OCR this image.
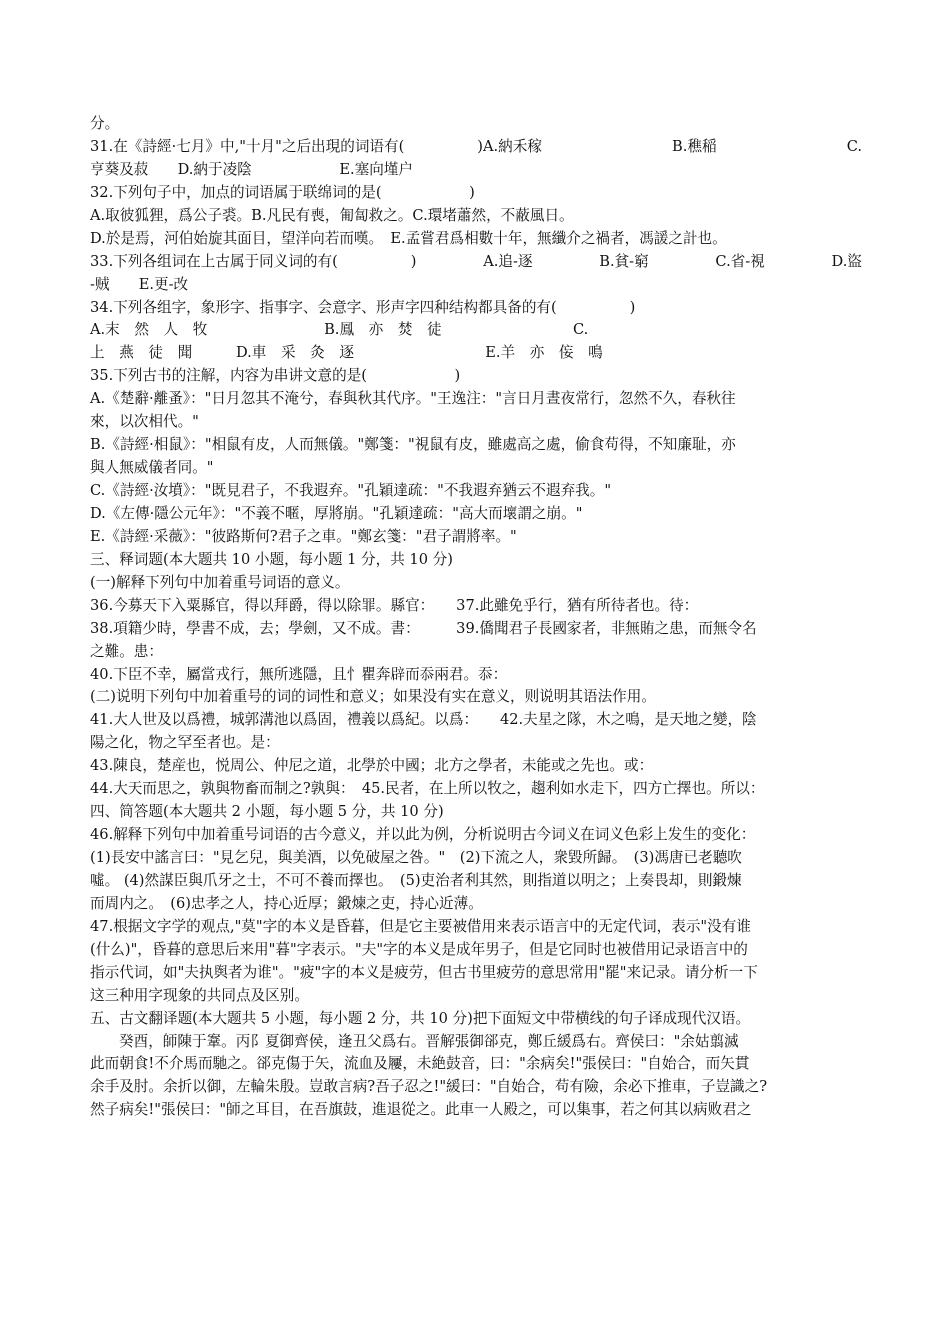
分。
31.在《詩經·七月》中,"十月"之后出現的词语有(　　　　　)A.納禾稼	B.穛稲	C.
亨葵及菽　　D.納于凌陰　　　　　　E.塞向墐户
32.下列句子中，加点的词语属于联绵词的是(　　　　　　)
A.取彼狐狸，爲公子裘。B.凡民有喪，匍匐救之。C.環堵蕭然，不蔽風日。
D.於是焉，河伯始旋其面目，望洋向若而嘆。　E.孟嘗君爲相數十年，無纖介之禍者，馮諼之計也。
33.下列各组词在上古属于同义词的有(　　　　　)	A.追-逐	B.貧-窮	C.省-視	D.盜
-贼　　E.更-改
34.下列各组字，象形字、指事字、会意字、形声字四种结构都具备的有(　　　　　)
A.末　然　人　牧　　　　　　　　B.鳳　亦　焚　徒　　　　　　　　　C.
上　燕　徒　聞　　　D.車　采　灸　逐　　　　　　　　　E.羊　亦　侫　鳴
35.下列古书的注解，内容为串讲文意的是(　　　　　　)
A.《楚辭·離蚤》："日月忽其不淹兮，春與秋其代序。"王逸注："言日月晝夜常行，忽然不久，春秋往
來，以次相代。"
B.《詩經·相鼠》："相鼠有皮，人而無儀。"鄭箋："視鼠有皮，雖處高之處，偷食苟得，不知廉耻，亦
與人無威儀者同。"
C.《詩經·汝墳》："既見君子，不我遐弃。"孔穎達疏："不我遐弃猶云不遐弃我。"
D.《左傳·隱公元年》："不義不暱，厚將崩。"孔穎達疏："高大而壞謂之崩。"
E.《詩經·采薇》："彼路斯何?君子之車。"鄭玄箋："君子謂將率。"
三、释词题(本大题共 10 小题，每小题 1 分，共 10 分)
(一)解释下列句中加着重号词语的意义。
36.今募天下入粟縣官，得以拜爵，得以除罪。縣官：　　37.此雖免乎行，猶有所待者也。待：
38.項籍少時，學書不成，去；學劍，又不成。書：　　　39.僑聞君子長國家者，非無賄之患，而無令名
之難。患：
40.下臣不幸，屬當戎行，無所逃隱，且忄瞿奔辟而忝兩君。忝：
(二)说明下列句中加着重号的词的词性和意义；如果没有实在意义，则说明其语法作用。
41.大人世及以爲禮，城郭溝池以爲固，禮義以爲紀。以爲：　　42.夫星之隊，木之鳴，是天地之變，陰
陽之化，物之罕至者也。是：
43.陳良，楚産也，悦周公、仲尼之道，北學於中國；北方之學者，未能或之先也。或：
44.大天而思之，孰與物畜而制之?孰與：　45.民者，在上所以牧之，趨利如水走下，四方亡擇也。所以：
四、简答题(本大题共 2 小题，每小题 5 分，共 10 分)
46.解释下列句中加着重号词语的古今意义，并以此为例，分析说明古今词义在词义色彩上发生的变化：
(1)長安中謠言曰："見乞兒，與美酒，以免破屋之咎。"　(2)下流之人，衆毀所歸。　(3)馮唐已老聽吹
噓。 (4)然謀臣與爪牙之士，不可不養而擇也。　(5)吏治者利其然，則指道以明之；上奏畏却，則鍛煉
而周内之。　(6)忠孝之人，持心近厚；鍛煉之吏，持心近薄。
47.根据文字学的观点,"莫"字的本义是昏暮，但是它主要被借用来表示语言中的无定代词，表示"没有谁
(什么)"，昏暮的意思后来用"暮"字表示。"夫"字的本义是成年男子，但是它同时也被借用记录语言中的
指示代词，如"夫执舆者为谁"。"疲"字的本义是疲劳，但古书里疲劳的意思常用"罷"来记录。请分析一下
这三种用字现象的共同点及区别。
五、古文翻译题(本大题共 5 小题，每小题 2 分，共 10 分)把下面短文中带横线的句子译成现代汉语。
癸酉，師陳于鞌。丙阝夏御齊侯，逢丑父爲右。晋解張御郤克，鄭丘緩爲右。齊侯曰："余姑翦滅
此而朝食!不介馬而馳之。郤克傷于矢，流血及屨，未絶鼓音，曰："余病矣!"張侯曰："自始合，而矢貫
余手及肘。余折以御，左輪朱殷。豈敢言病?吾子忍之!"緩曰："自始合，苟有險，余必下推車，子豈識之?
然子病矣!"張侯曰："師之耳目，在吾旗鼓，進退從之。此車一人殿之，可以集事，若之何其以病败君之
